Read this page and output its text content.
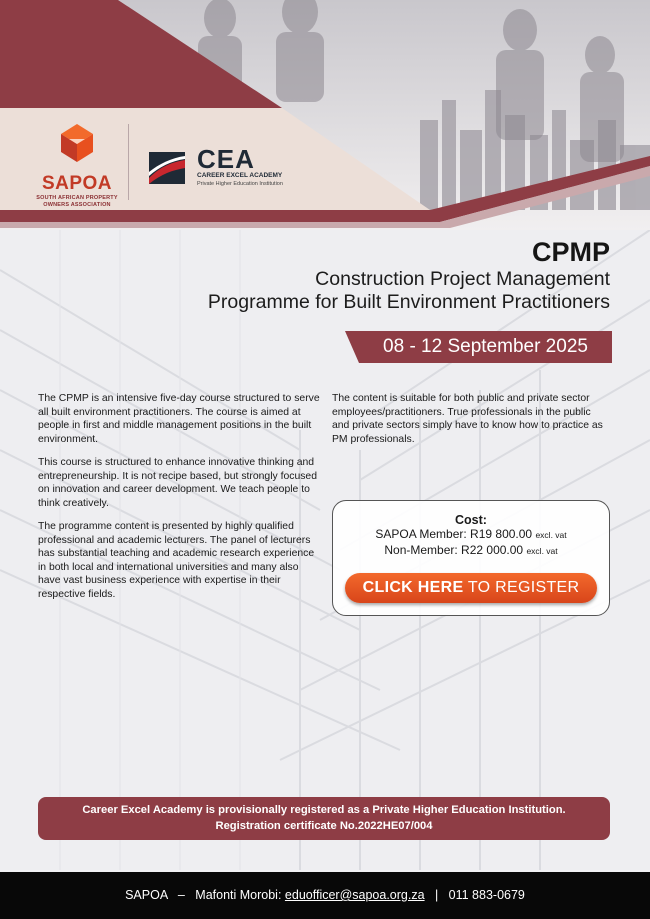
SAPOA
SOUTH AFRICAN PROPERTY
OWNERS ASSOCIATION
CEA
CAREER EXCEL ACADEMY
Private Higher Education Institution
CPMP
Construction Project Management
Programme for Built Environment Practitioners
08 - 12 September 2025

The CPMP is an intensive five-day course structured to serve all built environment practitioners. The course is aimed at people in first and middle management positions in the built environment.

This course is structured to enhance innovative thinking and entrepreneurship. It is not recipe based, but strongly focused on innovation and career development. We teach people to think creatively.

The programme content is presented by highly qualified professional and academic lecturers. The panel of lecturers has substantial teaching and academic research experience in both local and international universities and many also have vast business experience with expertise in their respective fields.

The content is suitable for both public and private sector employees/practitioners. True professionals in the public and private sectors simply have to know how to practice as PM professionals.

Cost:
SAPOA Member: R19 800.00 excl. vat
Non-Member: R22 000.00 excl. vat
CLICK HERE TO REGISTER
Career Excel Academy is provisionally registered as a Private Higher Education Institution.
Registration certificate No.2022HE07/004
SAPOA – Mafonti Morobi: eduofficer@sapoa.org.za | 011 883-0679
